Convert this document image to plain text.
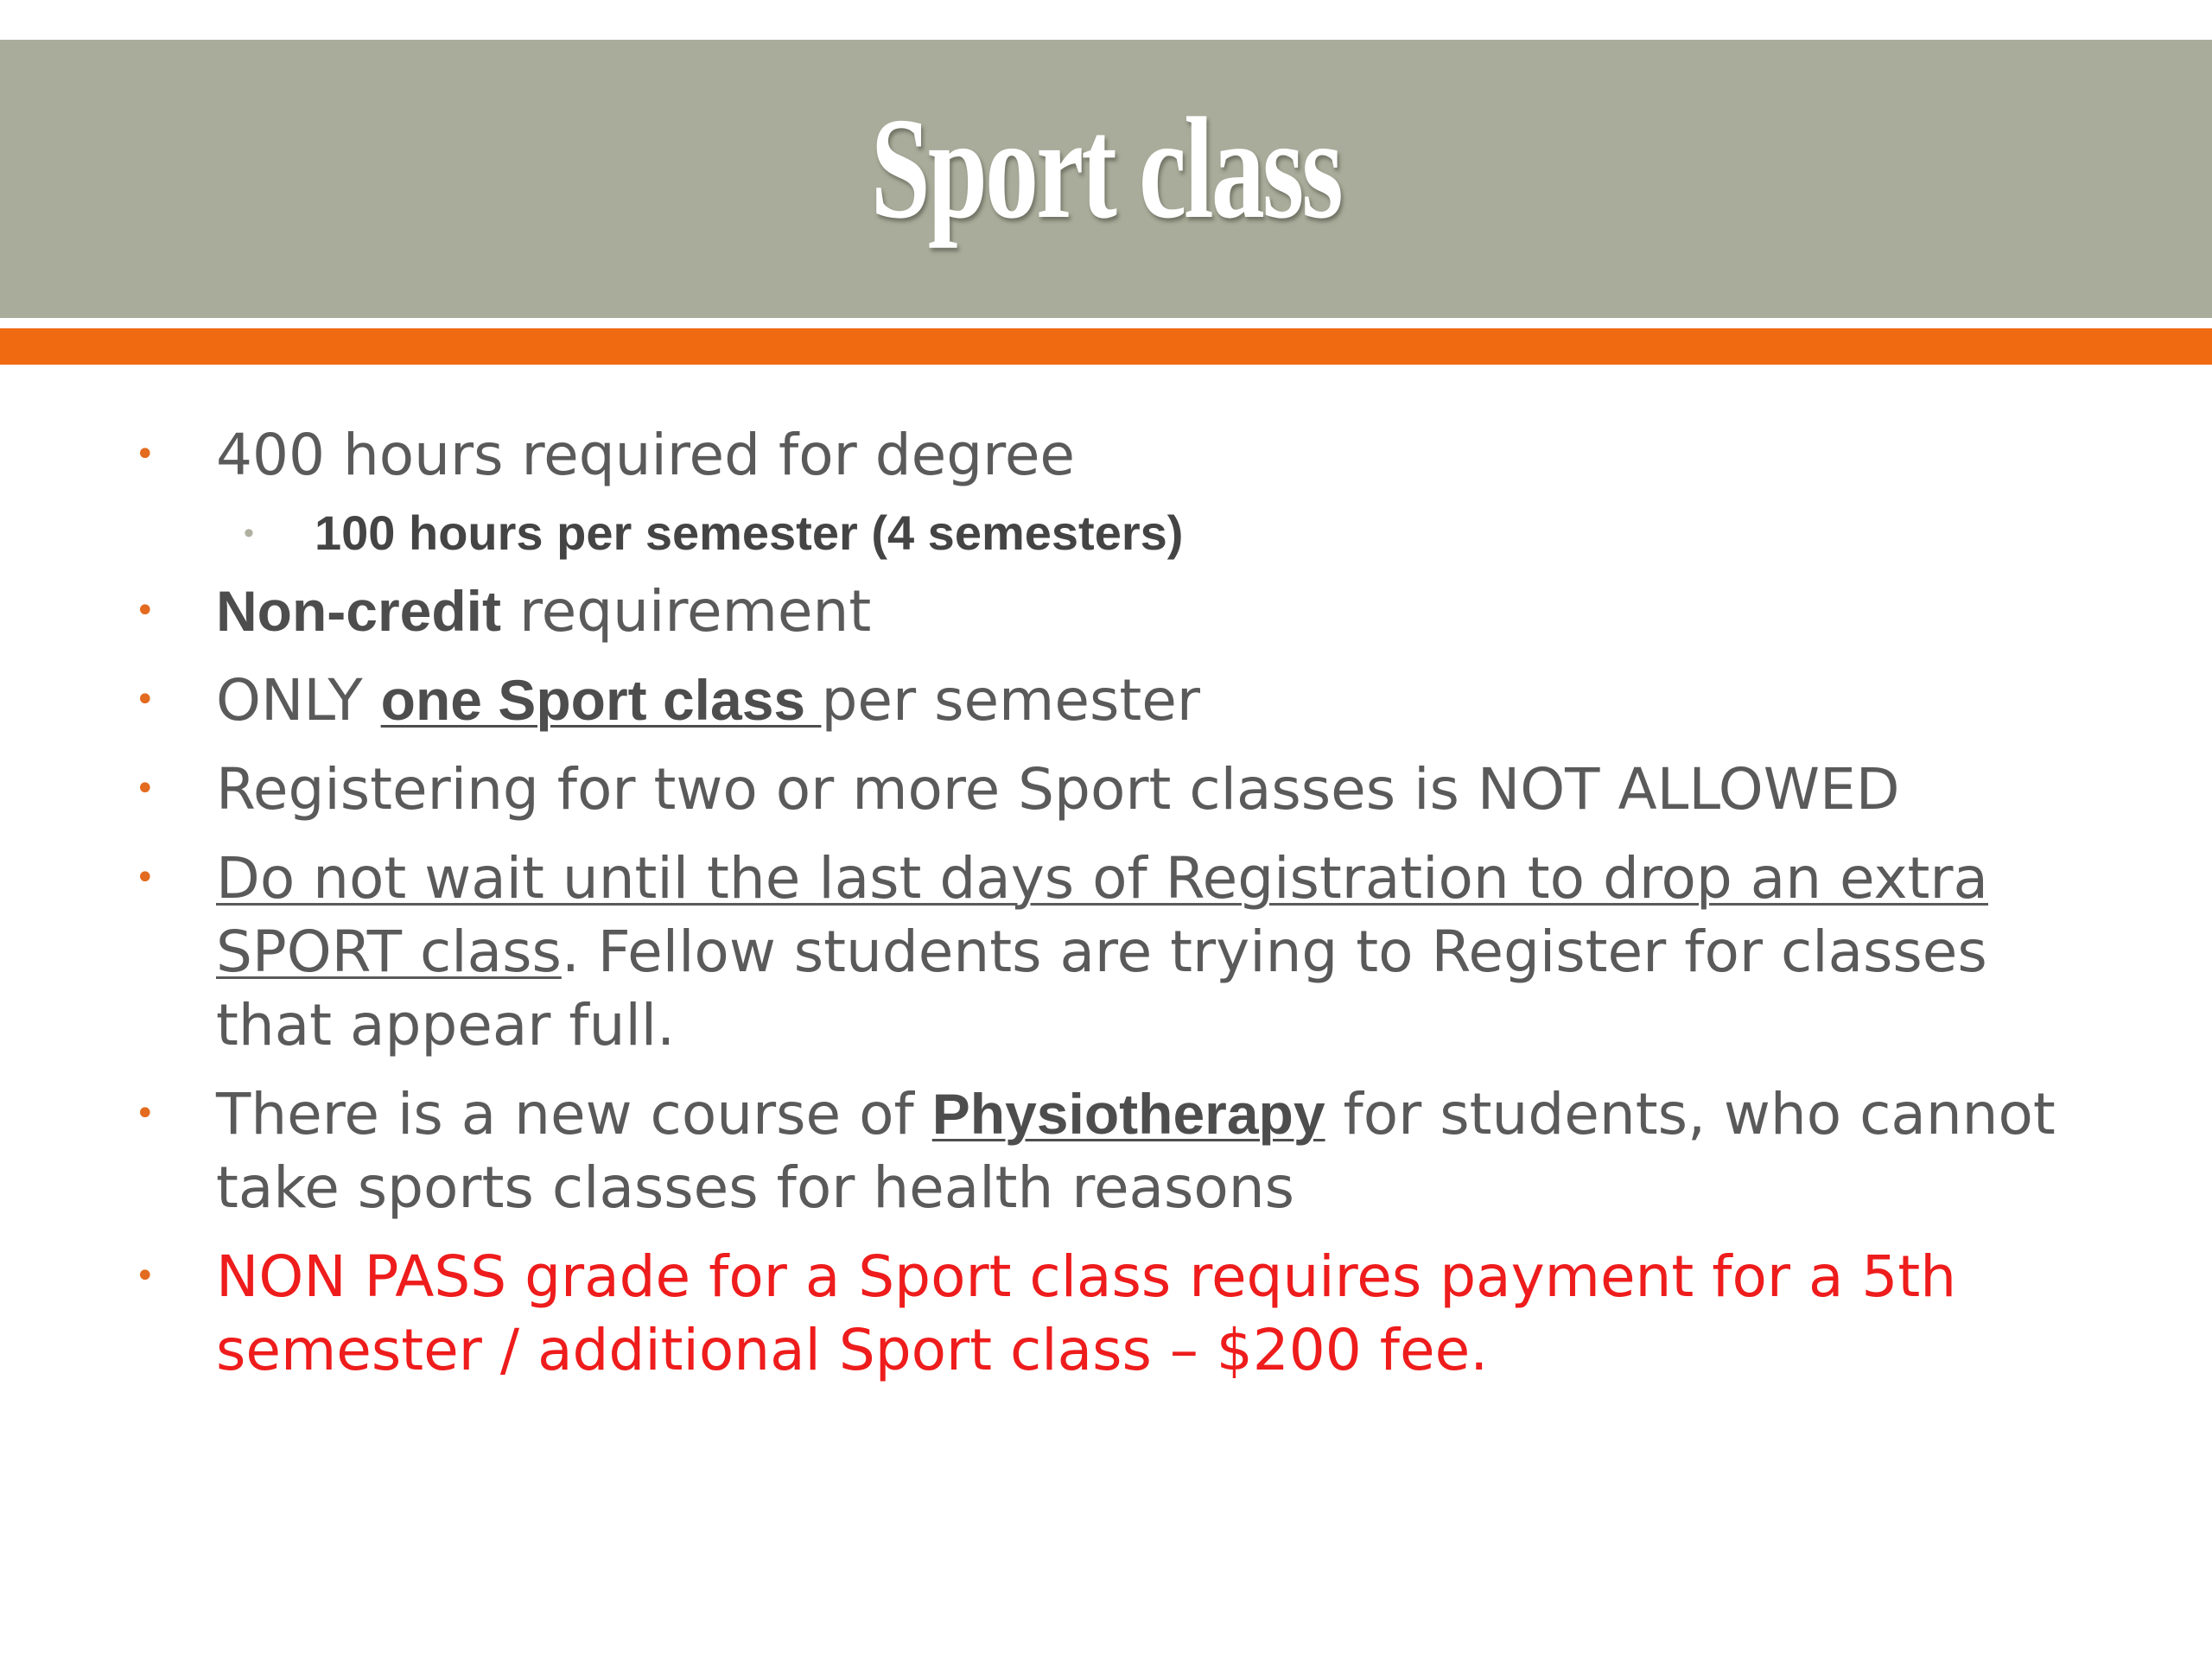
Sport class
• 400 hours required for degree
• 100 hours per semester (4 semesters)
• Non-credit requirement
• ONLY one Sport class per semester
• Registering for two or more Sport classes is NOT ALLOWED
• Do not wait until the last days of Registration to drop an extra SPORT class. Fellow students are trying to Register for classes that appear full.
• There is a new course of Physiotherapy for students, who cannot take sports classes for health reasons
• NON PASS grade for a Sport class requires payment for a 5th semester / additional Sport class – $200 fee.
